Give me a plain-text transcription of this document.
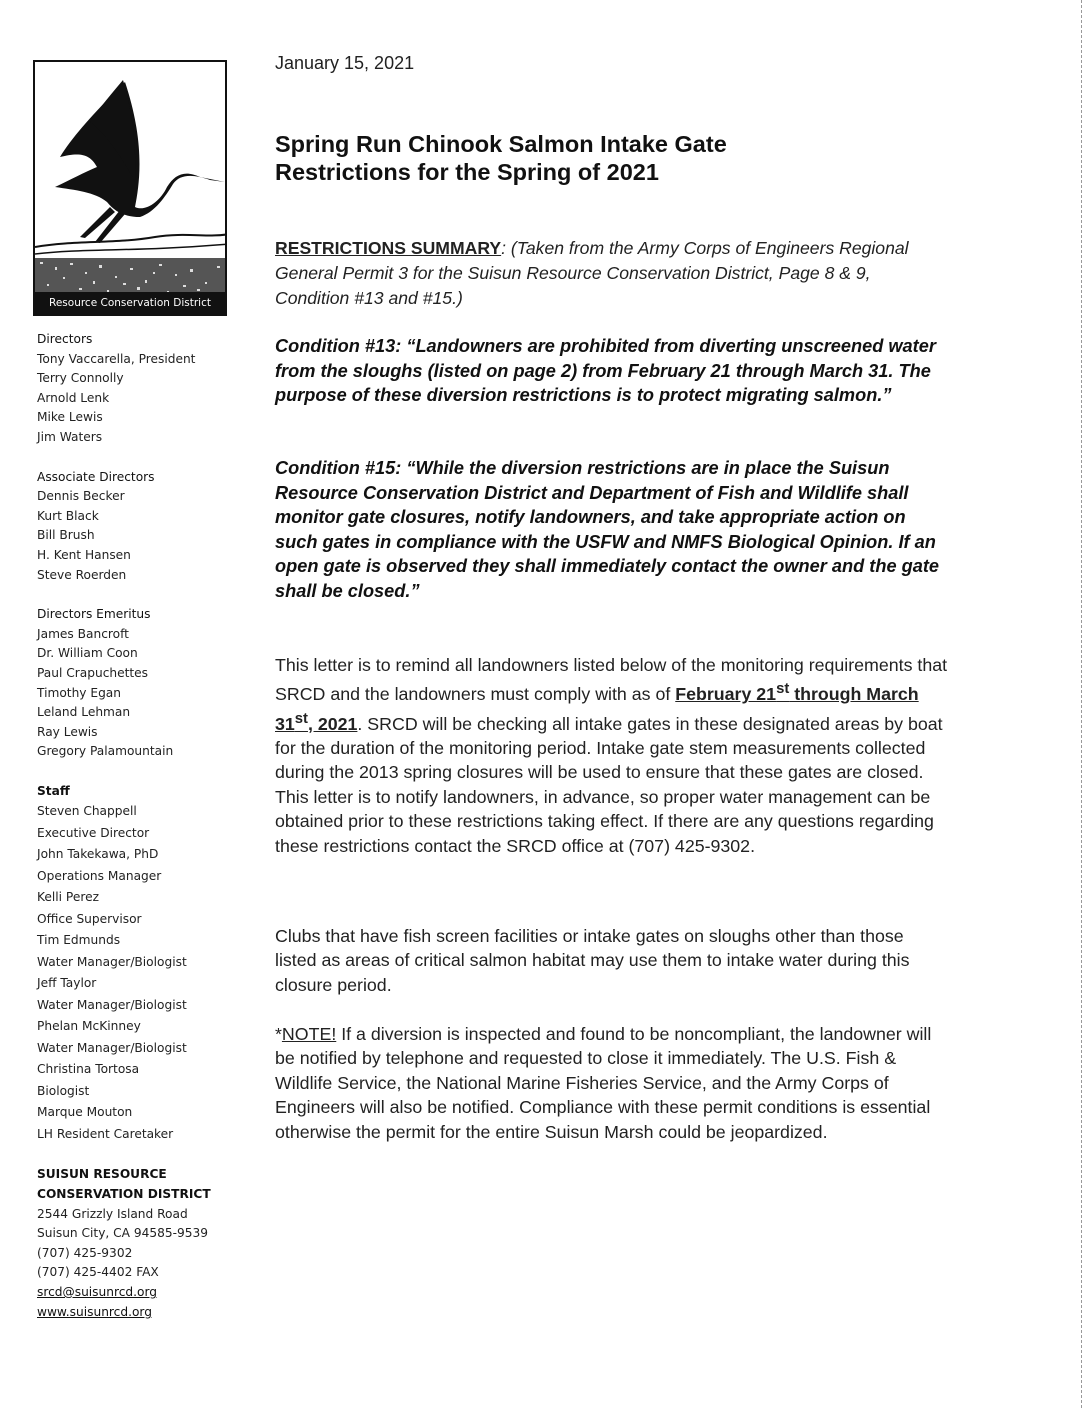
Resource Conservation District
Directors
Tony Vaccarella, President
Terry Connolly
Arnold Lenk
Mike Lewis
Jim Waters
Associate Directors
Dennis Becker
Kurt Black
Bill Brush
H. Kent Hansen
Steve Roerden
Directors Emeritus
James Bancroft
Dr. William Coon
Paul Crapuchettes
Timothy Egan
Leland Lehman
Ray Lewis
Gregory Palamountain
Staff
Steven Chappell
Executive Director
John Takekawa, PhD
Operations Manager
Kelli Perez
Office Supervisor
Tim Edmunds
Water Manager/Biologist
Jeff Taylor
Water Manager/Biologist
Phelan McKinney
Water Manager/Biologist
Christina Tortosa
Biologist
Marque Mouton
LH Resident Caretaker
SUISUN RESOURCE
CONSERVATION DISTRICT
2544 Grizzly Island Road
Suisun City, CA 94585-9539
(707) 425-9302
(707) 425-4402 FAX
srcd@suisunrcd.org
www.suisunrcd.org
January 15, 2021
Spring Run Chinook Salmon Intake Gate
Restrictions for the Spring of 2021
RESTRICTIONS SUMMARY: (Taken from the Army Corps of Engineers Regional General Permit 3 for the Suisun Resource Conservation District, Page 8 & 9, Condition #13 and #15.)
Condition #13: “Landowners are prohibited from diverting unscreened water from the sloughs (listed on page 2) from February 21 through March 31. The purpose of these diversion restrictions is to protect migrating salmon.”
Condition #15: “While the diversion restrictions are in place the Suisun Resource Conservation District and Department of Fish and Wildlife shall monitor gate closures, notify landowners, and take appropriate action on such gates in compliance with the USFW and NMFS Biological Opinion. If an open gate is observed they shall immediately contact the owner and the gate shall be closed.”
This letter is to remind all landowners listed below of the monitoring requirements that SRCD and the landowners must comply with as of February 21st through March 31st, 2021. SRCD will be checking all intake gates in these designated areas by boat for the duration of the monitoring period. Intake gate stem measurements collected during the 2013 spring closures will be used to ensure that these gates are closed. This letter is to notify landowners, in advance, so proper water management can be obtained prior to these restrictions taking effect. If there are any questions regarding these restrictions contact the SRCD office at (707) 425-9302.
Clubs that have fish screen facilities or intake gates on sloughs other than those listed as areas of critical salmon habitat may use them to intake water during this closure period.
*NOTE! If a diversion is inspected and found to be noncompliant, the landowner will be notified by telephone and requested to close it immediately. The U.S. Fish & Wildlife Service, the National Marine Fisheries Service, and the Army Corps of Engineers will also be notified. Compliance with these permit conditions is essential otherwise the permit for the entire Suisun Marsh could be jeopardized.
